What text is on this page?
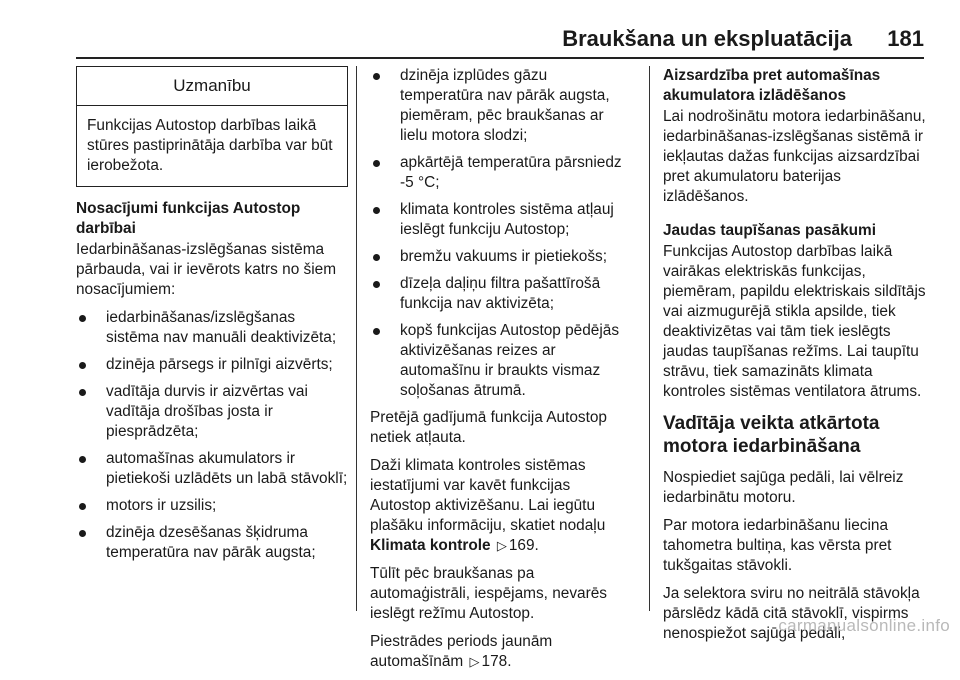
Braukšana un ekspluatācija 181
Uzmanību
Funkcijas Autostop darbības laikā stūres pastiprinātāja darbība var būt ierobežota.
Nosacījumi funkcijas Autostop darbībai

Iedarbināšanas-izslēgšanas sistēma pārbauda, vai ir ievērots katrs no šiem nosacījumiem:

iedarbināšanas/izslēgšanas sistēma nav manuāli deaktivizēta;
dzinēja pārsegs ir pilnīgi aizvērts;
vadītāja durvis ir aizvērtas vai vadītāja drošības josta ir piesprādzēta;
automašīnas akumulators ir pietiekoši uzlādēts un labā stāvoklī;
motors ir uzsilis;
dzinēja dzesēšanas šķidruma temperatūra nav pārāk augsta;
dzinēja izplūdes gāzu temperatūra nav pārāk augsta, piemēram, pēc braukšanas ar lielu motora slodzi;
apkārtējā temperatūra pārsniedz -5 °C;
klimata kontroles sistēma atļauj ieslēgt funkciju Autostop;
bremžu vakuums ir pietiekošs;
dīzeļa daļiņu filtra pašattīrošā funkcija nav aktivizēta;
kopš funkcijas Autostop pēdējās aktivizēšanas reizes ar automašīnu ir braukts vismaz soļošanas ātrumā.

Pretējā gadījumā funkcija Autostop netiek atļauta.

Daži klimata kontroles sistēmas iestatījumi var kavēt funkcijas Autostop aktivizēšanu. Lai iegūtu plašāku informāciju, skatiet nodaļu Klimata kontrole ▷ 169.

Tūlīt pēc braukšanas pa automaģistrāli, iespējams, nevarēs ieslēgt režīmu Autostop.

Piestrādes periods jaunām automašīnām ▷ 178.

Aizsardzība pret automašīnas akumulatora izlādēšanos

Lai nodrošinātu motora iedarbināšanu, iedarbināšanas-izslēgšanas sistēmā ir iekļautas dažas funkcijas aizsardzībai pret akumulatoru baterijas izlādēšanos.

Jaudas taupīšanas pasākumi

Funkcijas Autostop darbības laikā vairākas elektriskās funkcijas, piemēram, papildu elektriskais sildītājs vai aizmugurējā stikla apsilde, tiek deaktivizētas vai tām tiek ieslēgts jaudas taupīšanas režīms. Lai taupītu strāvu, tiek samazināts klimata kontroles sistēmas ventilatora ātrums.

Vadītāja veikta atkārtota motora iedarbināšana

Nospiediet sajūga pedāli, lai vēlreiz iedarbinātu motoru.

Par motora iedarbināšanu liecina tahometra bultiņa, kas vērsta pret tukšgaitas stāvokli.

Ja selektora sviru no neitrālā stāvokļa pārslēdz kādā citā stāvoklī, vispirms nenospiežot sajūga pedāli,

carmanualsonline.info
